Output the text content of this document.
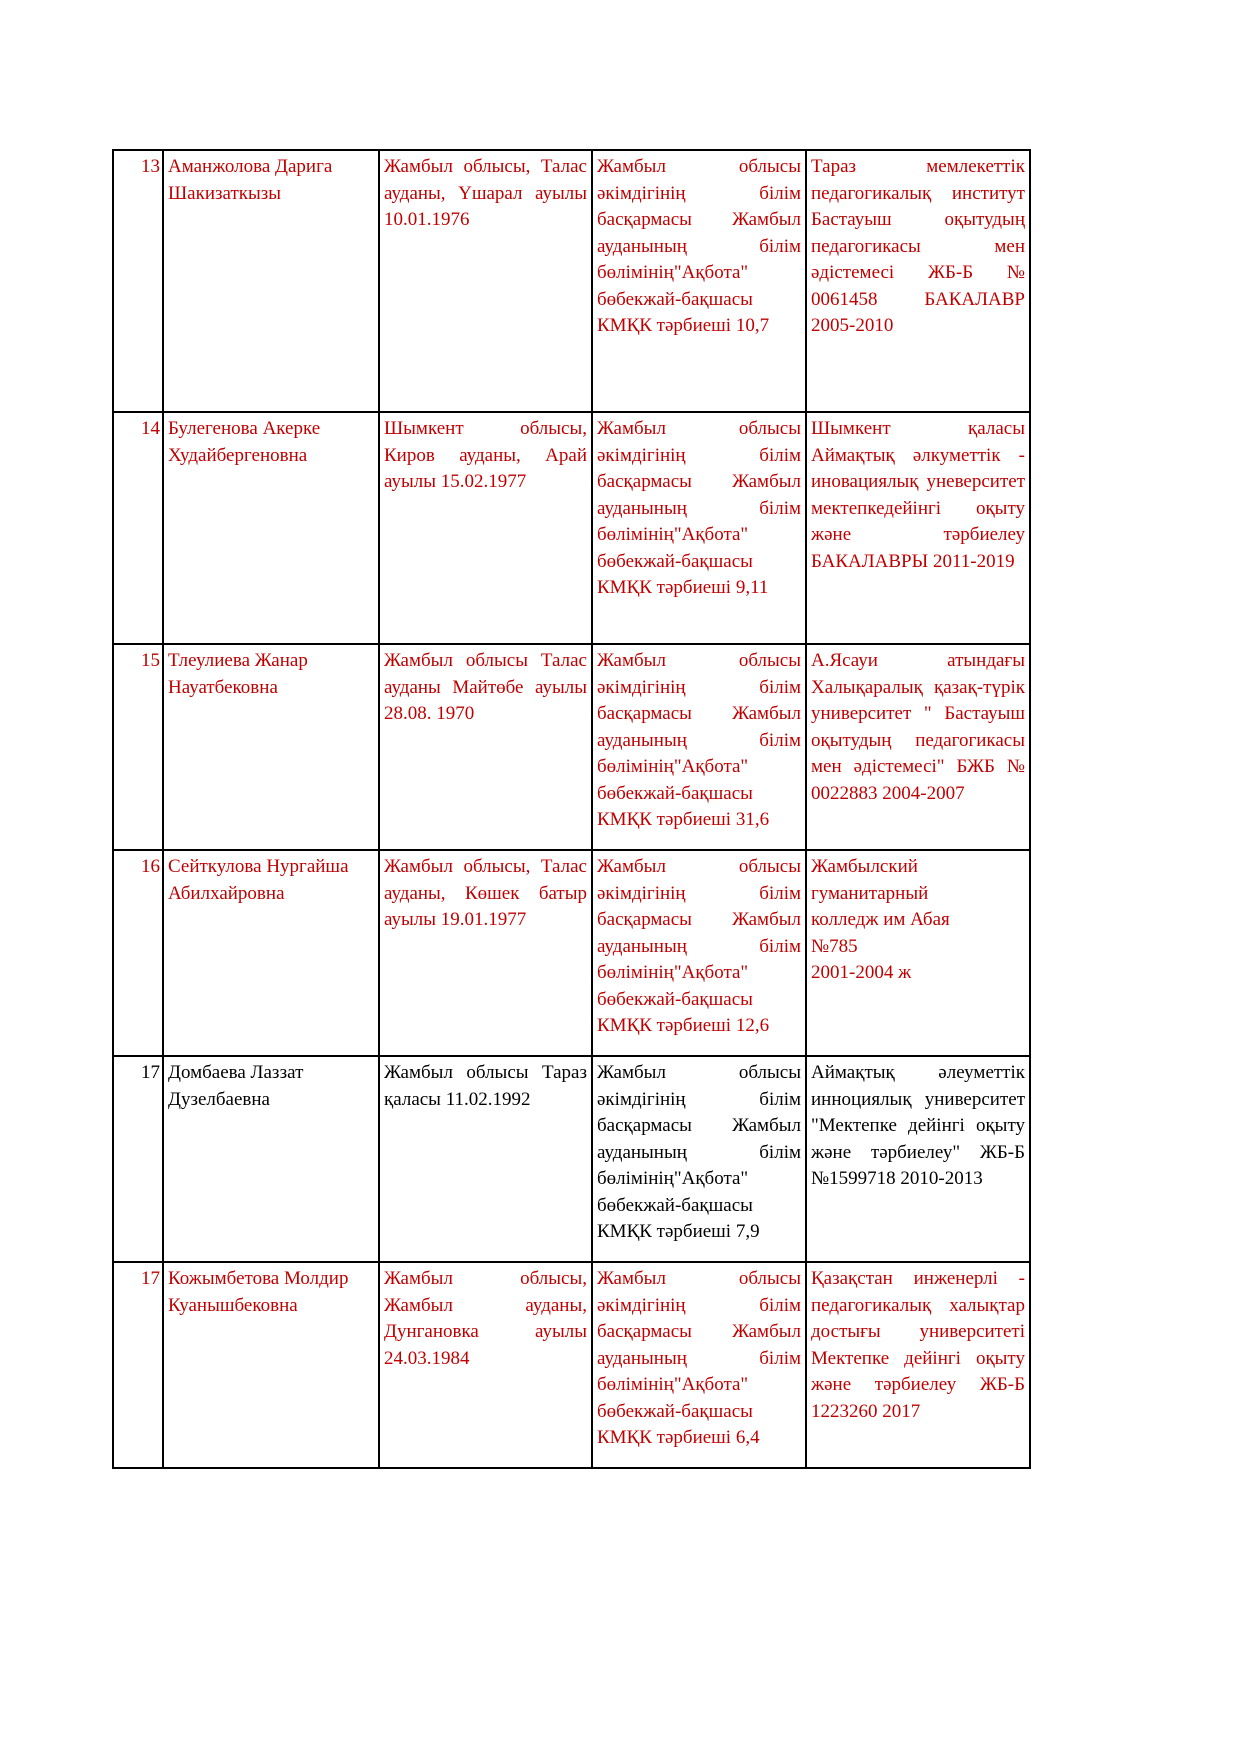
13	Аманжолова Дарига Шакизаткызы	Жамбыл облысы, Талас ауданы, Үшарал ауылы 10.01.1976	Жамбыл облысы әкімдігінің білім басқармасы Жамбыл ауданының білім бөлімінің"Ақбота" бөбекжай-бақшасы КМҚК тәрбиеші 10,7	Тараз мемлекеттік педагогикалық институт Бастауыш оқытудың педагогикасы мен әдістемесі ЖБ-Б № 0061458 БАКАЛАВР 2005-2010
14	Булегенова Акерке Худайбергеновна	Шымкент облысы, Киров ауданы, Арай ауылы 15.02.1977	Жамбыл облысы әкімдігінің білім басқармасы Жамбыл ауданының білім бөлімінің"Ақбота" бөбекжай-бақшасы КМҚК тәрбиеші 9,11	Шымкент қаласы Аймақтық әлкуметтік - иновациялық уневерситет мектепкедейінгі оқыту және тәрбиелеу БАКАЛАВРЫ 2011-2019
15	Тлеулиева Жанар Науатбековна	Жамбыл облысы Талас ауданы Майтөбе ауылы 28.08. 1970	Жамбыл облысы әкімдігінің білім басқармасы Жамбыл ауданының білім бөлімінің"Ақбота" бөбекжай-бақшасы КМҚК тәрбиеші 31,6	А.Ясауи атындағы Халықаралық қазақ-түрік университет " Бастауыш оқытудың педагогикасы мен әдістемесі" БЖБ № 0022883 2004-2007
16	Сейткулова Нургайша Абилхайровна	Жамбыл облысы, Талас ауданы, Көшек батыр ауылы 19.01.1977	Жамбыл облысы әкімдігінің білім басқармасы Жамбыл ауданының білім бөлімінің"Ақбота" бөбекжай-бақшасы КМҚК тәрбиеші 12,6	Жамбылский
гуманитарный
колледж им Абая
№785
2001-2004 ж

17	Домбаева Лаззат Дузелбаевна	Жамбыл облысы Тараз қаласы 11.02.1992	Жамбыл облысы әкімдігінің білім басқармасы Жамбыл ауданының білім бөлімінің"Ақбота" бөбекжай-бақшасы КМҚК тәрбиеші 7,9	Аймақтық әлеуметтік инноциялық университет "Мектепке дейінгі оқыту және тәрбиелеу" ЖБ-Б №1599718 2010-2013
17	Кожымбетова Молдир Куанышбековна	Жамбыл облысы, Жамбыл ауданы, Дунгановка ауылы 24.03.1984	Жамбыл облысы әкімдігінің білім басқармасы Жамбыл ауданының білім бөлімінің"Ақбота" бөбекжай-бақшасы КМҚК тәрбиеші 6,4	Қазақстан инженерлі - педагогикалық халықтар достығы университеті Мектепке дейінгі оқыту және тәрбиелеу ЖБ-Б 1223260 2017
